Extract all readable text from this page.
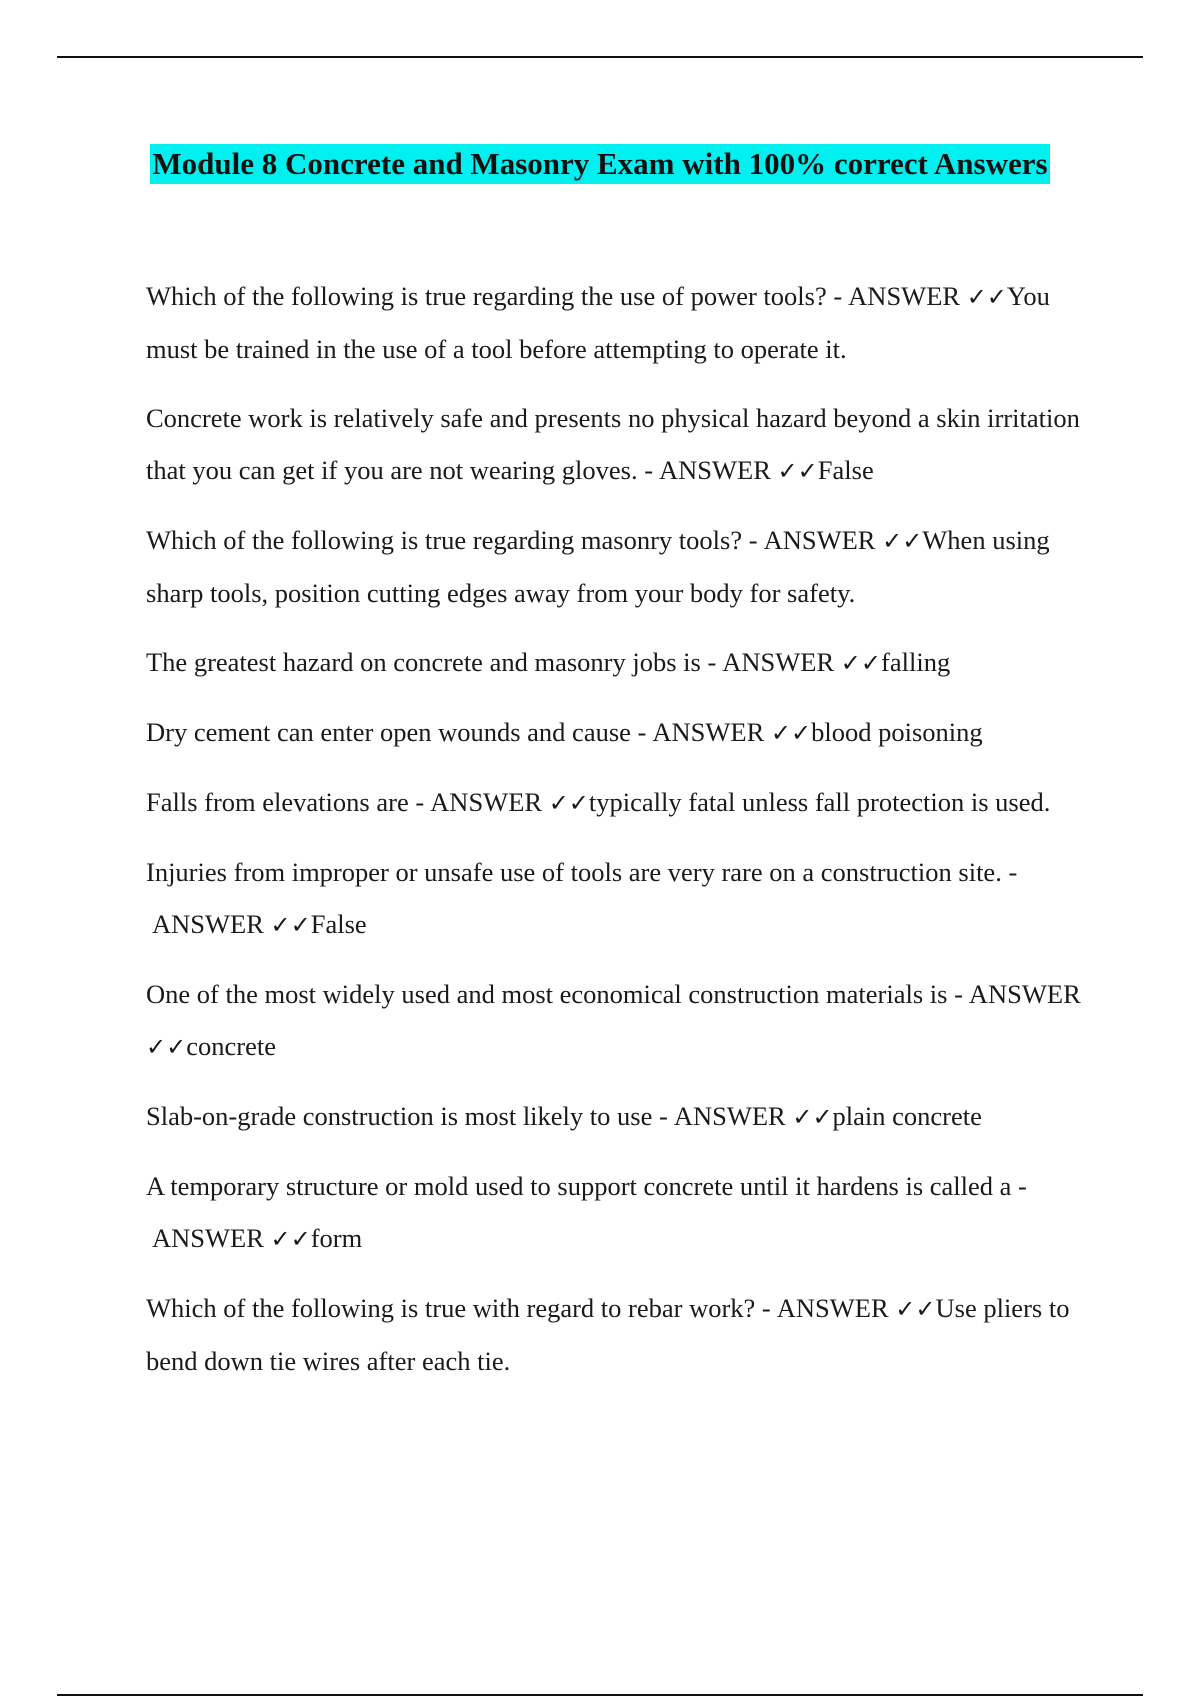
Module 8 Concrete and Masonry Exam with 100% correct Answers

Which of the following is true regarding the use of power tools? - ANSWER ✓✓You must be trained in the use of a tool before attempting to operate it.

Concrete work is relatively safe and presents no physical hazard beyond a skin irritation that you can get if you are not wearing gloves. - ANSWER ✓✓False

Which of the following is true regarding masonry tools? - ANSWER ✓✓When using sharp tools, position cutting edges away from your body for safety.

The greatest hazard on concrete and masonry jobs is - ANSWER ✓✓falling

Dry cement can enter open wounds and cause - ANSWER ✓✓blood poisoning

Falls from elevations are - ANSWER ✓✓typically fatal unless fall protection is used.

Injuries from improper or unsafe use of tools are very rare on a construction site. -ANSWER ✓✓False

One of the most widely used and most economical construction materials is - ANSWER ✓✓concrete

Slab-on-grade construction is most likely to use - ANSWER ✓✓plain concrete

A temporary structure or mold used to support concrete until it hardens is called a -ANSWER ✓✓form

Which of the following is true with regard to rebar work? - ANSWER ✓✓Use pliers to bend down tie wires after each tie.
